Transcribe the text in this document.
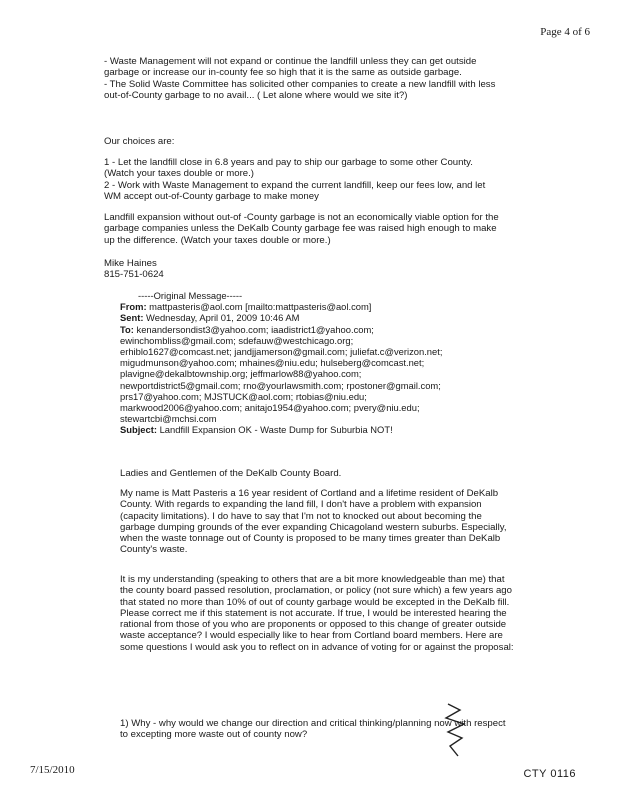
Page 4 of 6

- Waste Management will not expand or continue the landfill unless they can get outside garbage or increase our in-county fee so high that it is the same as outside garbage.

- The Solid Waste Committee has solicited other companies to create a new landfill with less out-of-County garbage to no avail... ( Let alone where would we site it?)

Our choices are:

1 - Let the landfill close in 6.8 years and pay to ship our garbage to some other County. (Watch your taxes double or more.)

2 - Work with Waste Management to expand the current landfill, keep our fees low, and let WM accept out-of-County garbage to make money

Landfill expansion without out-of -County garbage is not an economically viable option for the garbage companies unless the DeKalb County garbage fee was raised high enough to make up the difference. (Watch your taxes double or more.)

Mike Haines

815-751-0624

-----Original Message-----

From: mattpasteris@aol.com [mailto:mattpasteris@aol.com]

Sent: Wednesday, April 01, 2009 10:46 AM

To: kenandersondist3@yahoo.com; iaadistrict1@yahoo.com;

ewinchombliss@gmail.com; sdefauw@westchicago.org;

erhiblo1627@comcast.net; jandjjamerson@gmail.com; juliefat.c@verizon.net;

migudmunson@yahoo.com; mhaines@niu.edu; hulseberg@comcast.net;

plavigne@dekalbtownship.org; jeffmarlow88@yahoo.com;

newportdistrict5@gmail.com; rno@yourlawsmith.com; rpostoner@gmail.com;

prs17@yahoo.com; MJSTUCK@aol.com; rtobias@niu.edu;

markwood2006@yahoo.com; anitajo1954@yahoo.com; pvery@niu.edu;

stewartcbi@mchsi.com

Subject: Landfill Expansion OK - Waste Dump for Suburbia NOT!

Ladies and Gentlemen of the DeKalb County Board.
My name is Matt Pasteris a 16 year resident of Cortland and a lifetime resident of DeKalb County. With regards to expanding the land fill, I don't have a problem with expansion (capacity limitations). I do have to say that I'm not to knocked out about becoming the garbage dumping grounds of the ever expanding Chicagoland western suburbs. Especially, when the waste tonnage out of County is proposed to be many times greater than DeKalb County's waste.
It is my understanding (speaking to others that are a bit more knowledgeable than me) that the county board passed resolution, proclamation, or policy (not sure which) a few years ago that stated no more than 10% of out of county garbage would be excepted in the DeKalb fill. Please correct me if this statement is not accurate. If true, I would be interested hearing the rational from those of you who are proponents or opposed to this change of greater outside waste acceptance? I would especially like to hear from Cortland board members. Here are some questions I would ask you to reflect on in advance of voting for or against the proposal:
1) Why - why would we change our direction and critical thinking/planning now with respect to excepting more waste out of county now?
7/15/2010	CTY 0116
